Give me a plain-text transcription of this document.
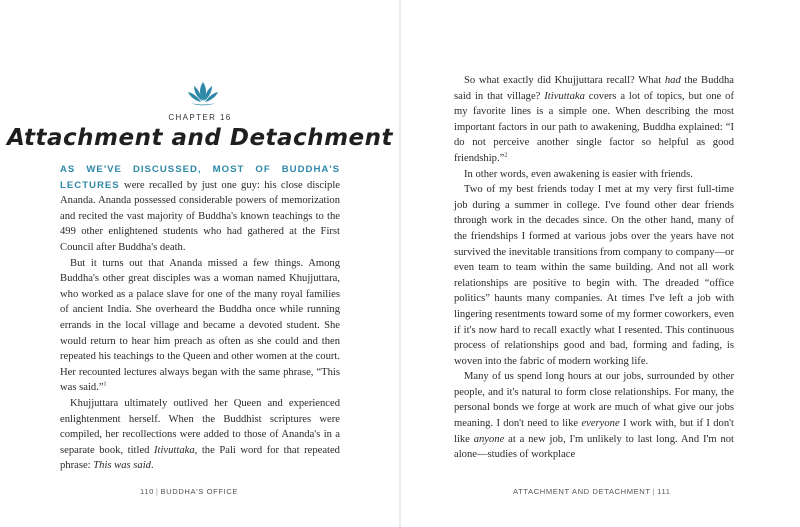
CHAPTER 16
Attachment and Detachment

AS WE'VE DISCUSSED, MOST OF BUDDHA'S LECTURES were recalled by just one guy: his close disciple Ananda. Ananda possessed considerable powers of memorization and recited the vast majority of Buddha's known teachings to the 499 other enlightened students who had gathered at the First Council after Buddha's death.

But it turns out that Ananda missed a few things. Among Buddha's other great disciples was a woman named Khujjuttara, who worked as a palace slave for one of the many royal families of ancient India. She overheard the Buddha once while running errands in the local village and became a devoted student. She would return to hear him preach as often as she could and then repeated his teachings to the Queen and other women at the court. Her recounted lectures always began with the same phrase, “This was said.”$^1$

Khujjuttara ultimately outlived her Queen and experienced enlightenment herself. When the Buddhist scriptures were compiled, her recollections were added to those of Ananda's in a separate book, titled Itivuttaka, the Pali word for that repeated phrase: This was said.

110 | BUDDHA'S OFFICE

So what exactly did Khujjuttara recall? What had the Buddha said in that village? Itivuttaka covers a lot of topics, but one of my favorite lines is a simple one. When describing the most important factors in our path to awakening, Buddha explained: “I do not perceive another single factor so helpful as good friendship.”$^2$

In other words, even awakening is easier with friends.

Two of my best friends today I met at my very first full-time job during a summer in college. I've found other dear friends through work in the decades since. On the other hand, many of the friendships I formed at various jobs over the years have not survived the inevitable transitions from company to company—or even team to team within the same building. And not all work relationships are positive to begin with. The dreaded “office politics” haunts many companies. At times I've left a job with lingering resentments toward some of my former coworkers, even if it's now hard to recall exactly what I resented. This continuous process of relationships good and bad, forming and fading, is woven into the fabric of modern working life.

Many of us spend long hours at our jobs, surrounded by other people, and it's natural to form close relationships. For many, the personal bonds we forge at work are much of what give our jobs meaning. I don't need to like everyone I work with, but if I don't like anyone at a new job, I'm unlikely to last long. And I'm not alone—studies of workplace

ATTACHMENT AND DETACHMENT | 111
